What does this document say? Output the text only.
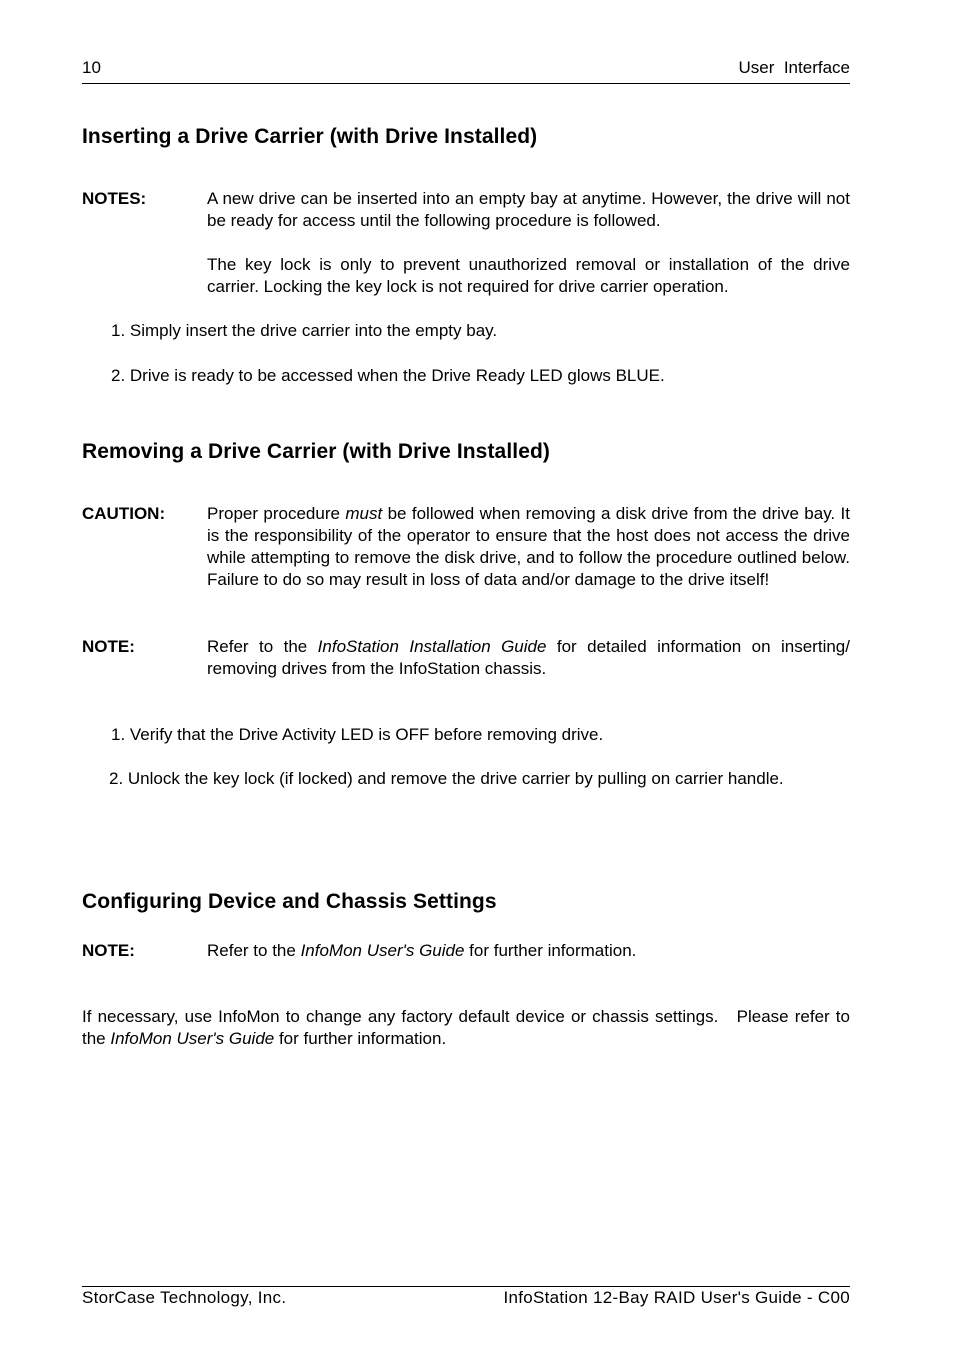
10	User  Interface
Inserting a Drive Carrier (with Drive Installed)
NOTES:	A new drive can be inserted into an empty bay at anytime. However, the drive will not be ready for access until the following procedure is followed.
The key lock is only to prevent unauthorized removal or installation of the drive carrier. Locking the key lock is not required for drive carrier operation.
1. Simply insert the drive carrier into the empty bay.
2. Drive is ready to be accessed when the Drive Ready LED glows BLUE.
Removing a Drive Carrier (with Drive Installed)
CAUTION: Proper procedure must be followed when removing a disk drive from the drive bay. It is the responsibility of the operator to ensure that the host does not access the drive while attempting to remove the disk drive, and to follow the procedure outlined below. Failure to do so may result in loss of data and/or damage to the drive itself!
NOTE:	Refer to the InfoStation Installation Guide for detailed information on inserting/ removing drives from the InfoStation chassis.
1. Verify that the Drive Activity LED is OFF before removing drive.
2. Unlock the key lock (if locked) and remove the drive carrier by pulling on carrier handle.
Configuring Device and Chassis Settings
NOTE:	Refer to the InfoMon User's Guide for further information.
If necessary, use InfoMon to change any factory default device or chassis settings.   Please refer to the InfoMon User's Guide for further information.
StorCase Technology, Inc.	InfoStation 12-Bay RAID User's Guide - C00
